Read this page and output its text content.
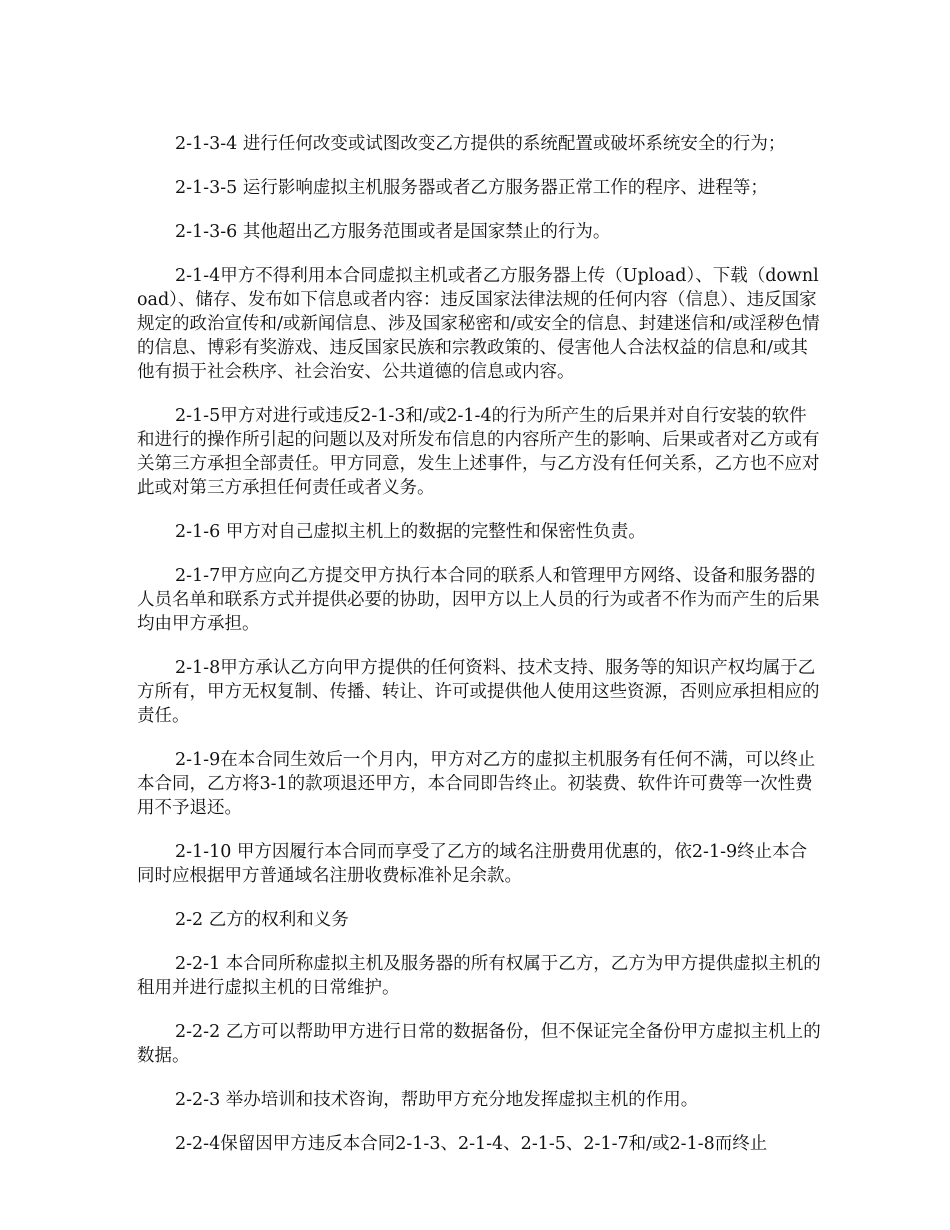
2-1-3-4 进行任何改变或试图改变乙方提供的系统配置或破坏系统安全的行为；

2-1-3-5 运行影响虚拟主机服务器或者乙方服务器正常工作的程序、进程等；

2-1-3-6 其他超出乙方服务范围或者是国家禁止的行为。

2-1-4甲方不得利用本合同虚拟主机或者乙方服务器上传（Upload）、下载（download）、储存、发布如下信息或者内容：违反国家法律法规的任何内容（信息）、违反国家规定的政治宣传和/或新闻信息、涉及国家秘密和/或安全的信息、封建迷信和/或淫秽色情的信息、博彩有奖游戏、违反国家民族和宗教政策的、侵害他人合法权益的信息和/或其他有损于社会秩序、社会治安、公共道德的信息或内容。

2-1-5甲方对进行或违反2-1-3和/或2-1-4的行为所产生的后果并对自行安装的软件和进行的操作所引起的问题以及对所发布信息的内容所产生的影响、后果或者对乙方或有关第三方承担全部责任。甲方同意，发生上述事件，与乙方没有任何关系，乙方也不应对此或对第三方承担任何责任或者义务。

2-1-6 甲方对自己虚拟主机上的数据的完整性和保密性负责。

2-1-7甲方应向乙方提交甲方执行本合同的联系人和管理甲方网络、设备和服务器的人员名单和联系方式并提供必要的协助，因甲方以上人员的行为或者不作为而产生的后果均由甲方承担。

2-1-8甲方承认乙方向甲方提供的任何资料、技术支持、服务等的知识产权均属于乙方所有，甲方无权复制、传播、转让、许可或提供他人使用这些资源，否则应承担相应的责任。

2-1-9在本合同生效后一个月内，甲方对乙方的虚拟主机服务有任何不满，可以终止本合同，乙方将3-1的款项退还甲方，本合同即告终止。初装费、软件许可费等一次性费用不予退还。

2-1-10 甲方因履行本合同而享受了乙方的域名注册费用优惠的，依2-1-9终止本合同时应根据甲方普通域名注册收费标准补足余款。

2-2 乙方的权利和义务

2-2-1 本合同所称虚拟主机及服务器的所有权属于乙方，乙方为甲方提供虚拟主机的租用并进行虚拟主机的日常维护。

2-2-2 乙方可以帮助甲方进行日常的数据备份，但不保证完全备份甲方虚拟主机上的数据。

2-2-3 举办培训和技术咨询，帮助甲方充分地发挥虚拟主机的作用。

2-2-4保留因甲方违反本合同2-1-3、2-1-4、2-1-5、2-1-7和/或2-1-8而终止
